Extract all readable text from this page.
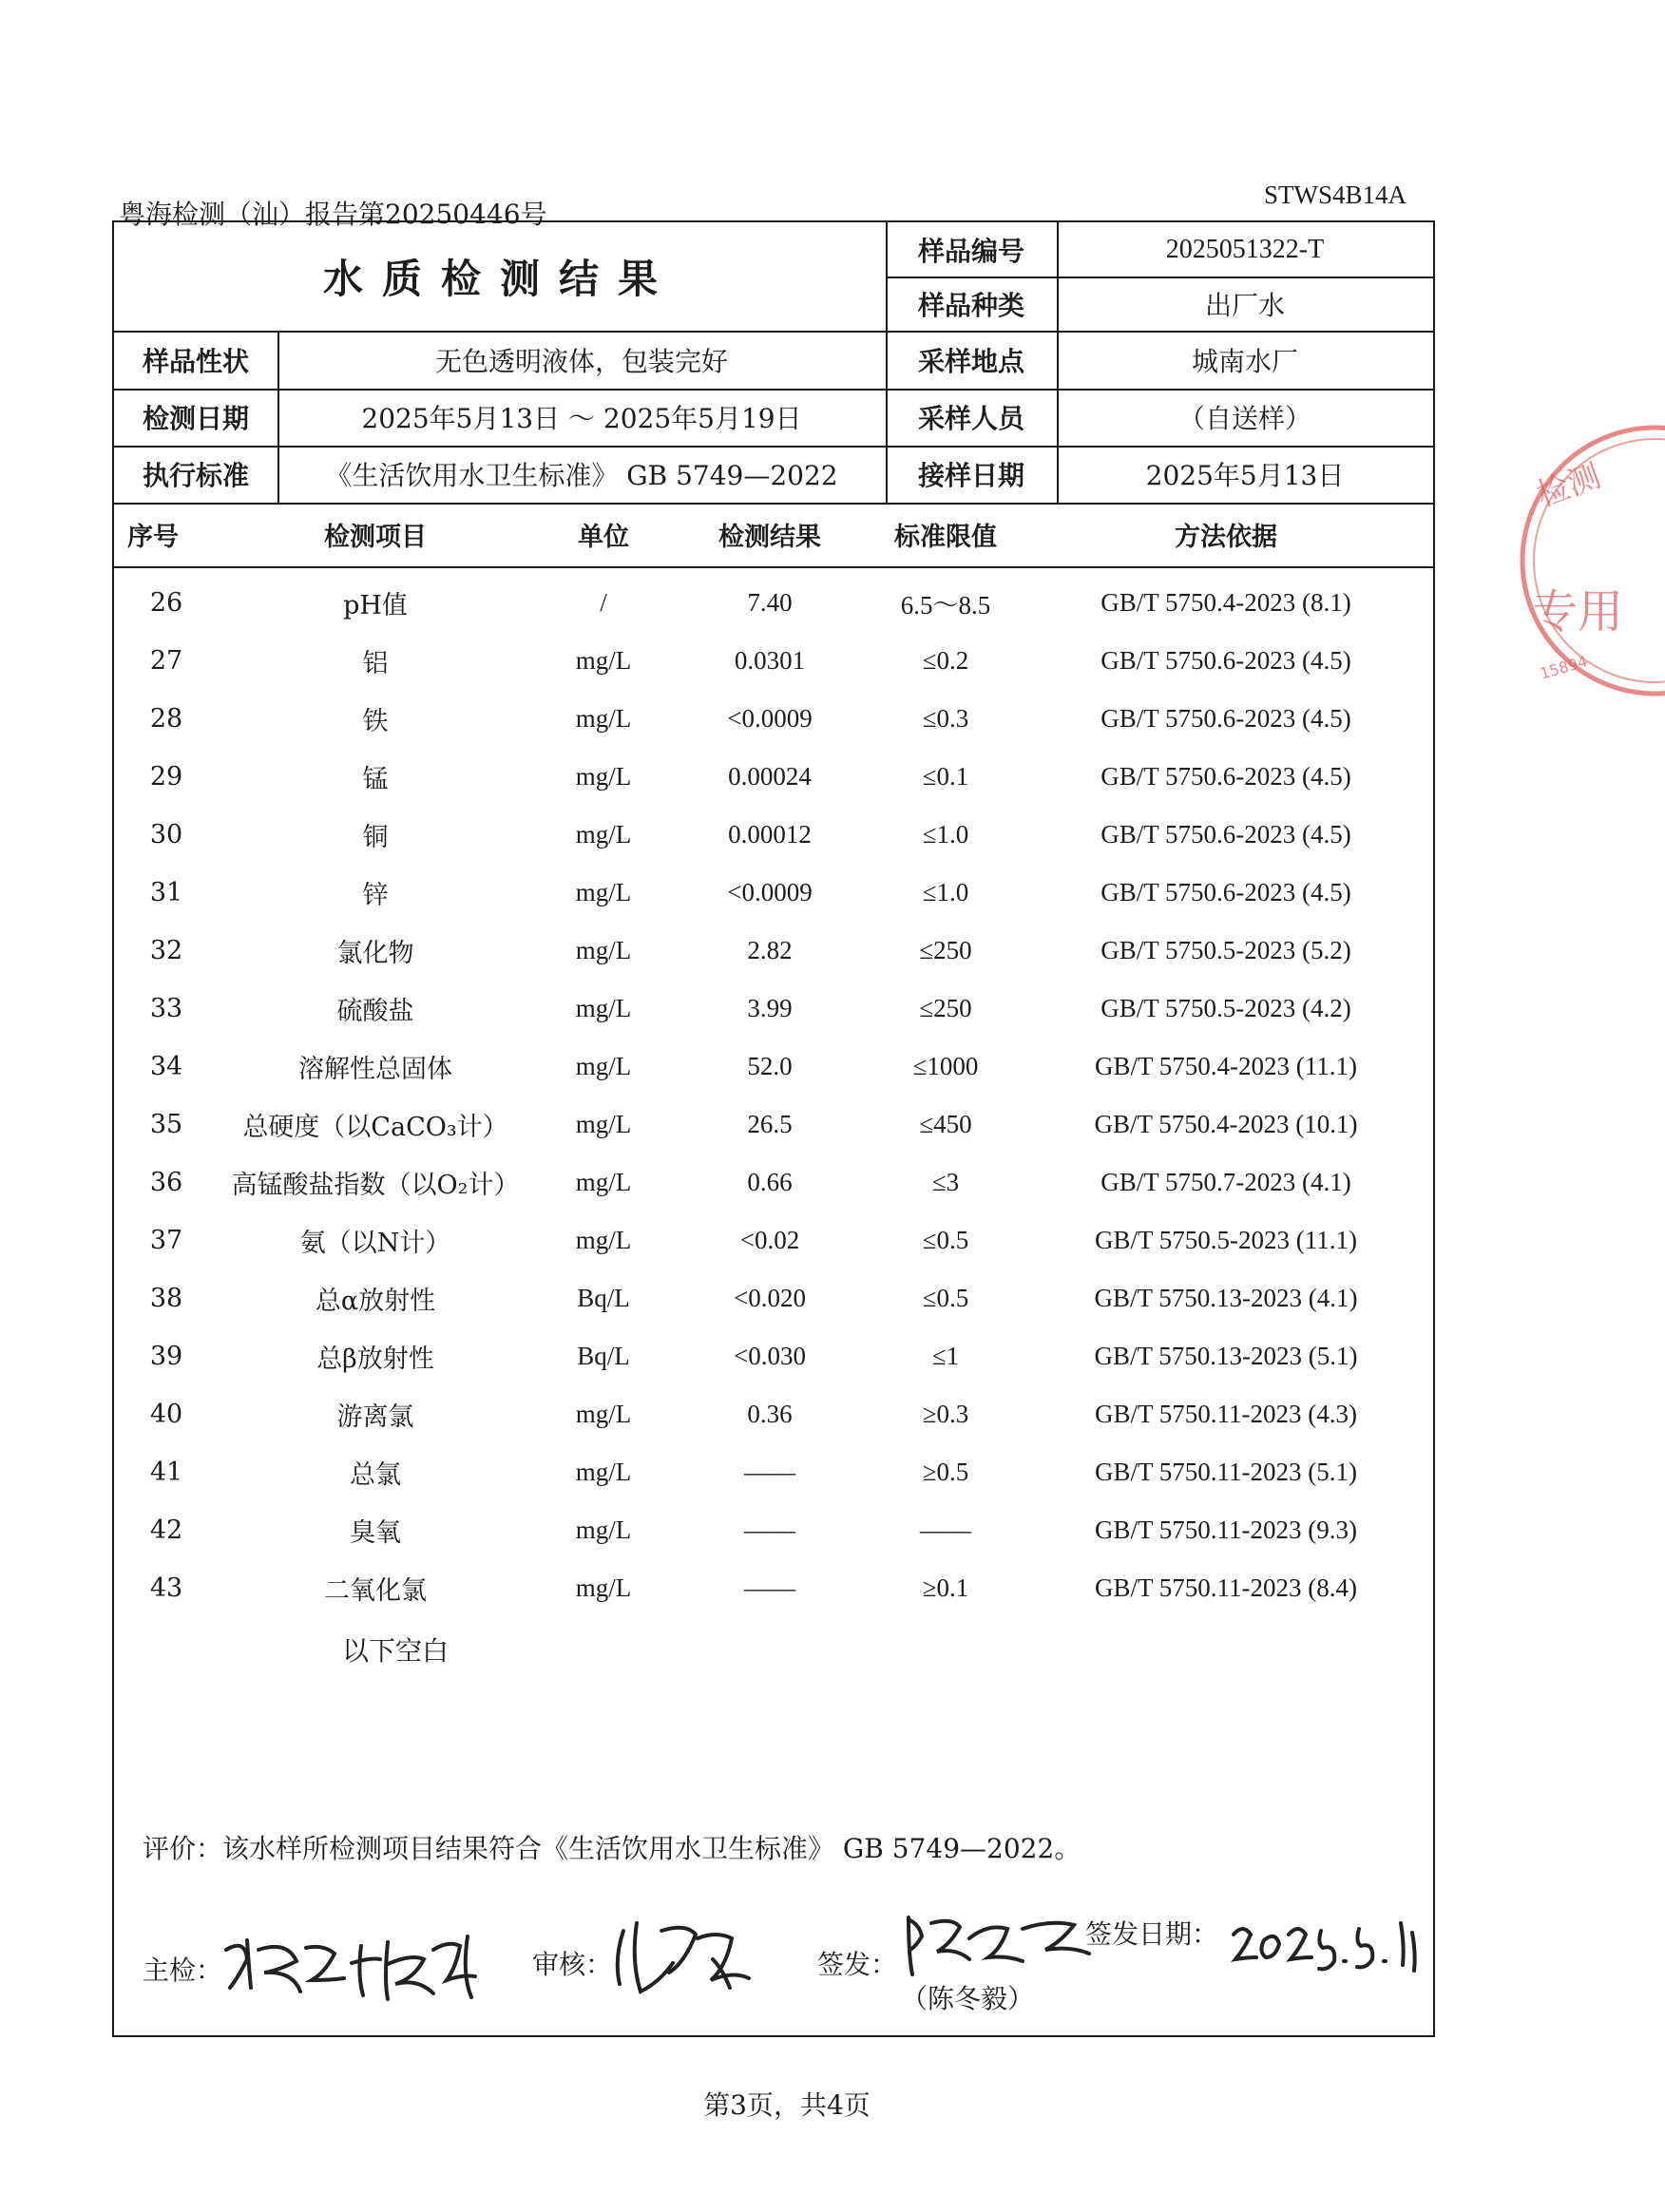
粤海检测（汕）报告第20250446号
STWS4B14A
水质检测结果
样品编号	2025051322-T
样品种类	出厂水
样品性状	无色透明液体，包装完好	采样地点	城南水厂
检测日期	2025年5月13日 ～ 2025年5月19日	采样人员	（自送样）
执行标准	《生活饮用水卫生标准》 GB 5749—2022	接样日期	2025年5月13日
序号	检测项目	单位	检测结果	标准限值	方法依据
26	pH值	/	7.40	6.5～8.5	GB/T 5750.4-2023 (8.1)
27	铝	mg/L	0.0301	≤0.2	GB/T 5750.6-2023 (4.5)
28	铁	mg/L	<0.0009	≤0.3	GB/T 5750.6-2023 (4.5)
29	锰	mg/L	0.00024	≤0.1	GB/T 5750.6-2023 (4.5)
30	铜	mg/L	0.00012	≤1.0	GB/T 5750.6-2023 (4.5)
31	锌	mg/L	<0.0009	≤1.0	GB/T 5750.6-2023 (4.5)
32	氯化物	mg/L	2.82	≤250	GB/T 5750.5-2023 (5.2)
33	硫酸盐	mg/L	3.99	≤250	GB/T 5750.5-2023 (4.2)
34	溶解性总固体	mg/L	52.0	≤1000	GB/T 5750.4-2023 (11.1)
35	总硬度（以CaCO₃计）	mg/L	26.5	≤450	GB/T 5750.4-2023 (10.1)
36	高锰酸盐指数（以O₂计）	mg/L	0.66	≤3	GB/T 5750.7-2023 (4.1)
37	氨（以N计）	mg/L	<0.02	≤0.5	GB/T 5750.5-2023 (11.1)
38	总α放射性	Bq/L	<0.020	≤0.5	GB/T 5750.13-2023 (4.1)
39	总β放射性	Bq/L	<0.030	≤1	GB/T 5750.13-2023 (5.1)
40	游离氯	mg/L	0.36	≥0.3	GB/T 5750.11-2023 (4.3)
41	总氯	mg/L	——	≥0.5	GB/T 5750.11-2023 (5.1)
42	臭氧	mg/L	——	——	GB/T 5750.11-2023 (9.3)
43	二氧化氯	mg/L	——	≥0.1	GB/T 5750.11-2023 (8.4)
以下空白
评价：该水样所检测项目结果符合《生活饮用水卫生标准》 GB 5749—2022。
主检：	审核：	签发：
（陈冬毅）
签发日期：
检测
专用
15894
第3页，共4页
